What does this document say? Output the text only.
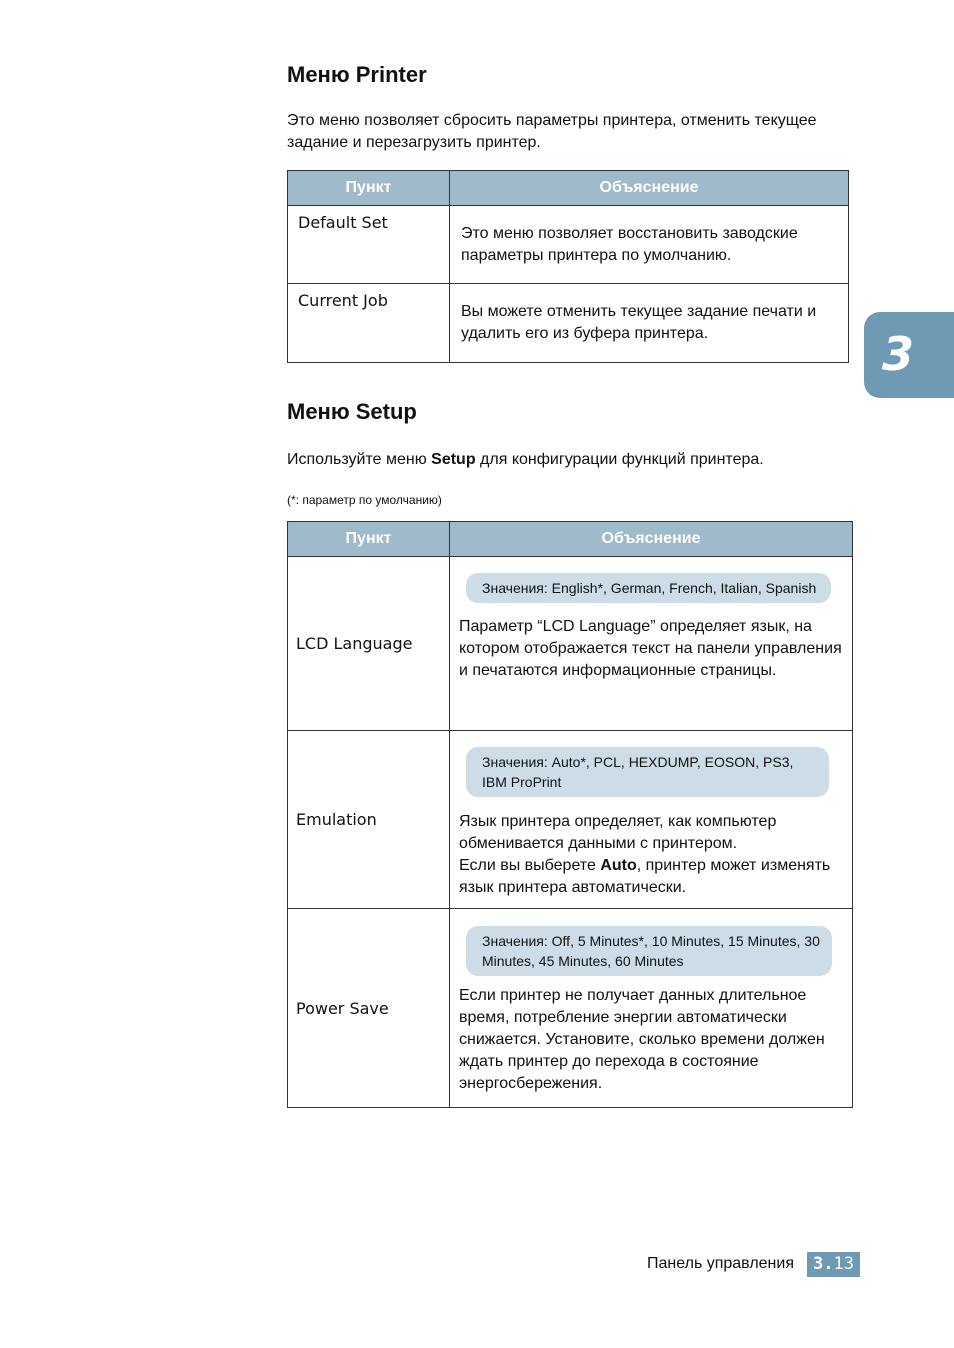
3
Меню Printer
Это меню позволяет сбросить параметры принтера, отменить текущее задание и перезагрузить принтер.
Пункт	Объяснение
Default Set	Это меню позволяет восстановить заводские параметры принтера по умолчанию.
Current Job	Вы можете отменить текущее задание печати и удалить его из буфера принтера.
Меню Setup
Используйте меню Setup для конфигурации функций принтера.
(*: параметр по умолчанию)
Пункт	Объяснение
LCD Language	Значения: English*, German, French, Italian, Spanish
Параметр “LCD Language” определяет язык, на котором отображается текст на панели управления и печатаются информационные страницы.

Emulation	Значения: Auto*, PCL, HEXDUMP, EOSON, PS3, IBM ProPrint
Язык принтера определяет, как компьютер обменивается данными с принтером.
Если вы выберете Auto, принтер может изменять язык принтера автоматически.

Power Save	Значения: Off, 5 Minutes*, 10 Minutes, 15 Minutes, 30 Minutes, 45 Minutes, 60 Minutes
Если принтер не получает данных длительное время, потребление энергии автоматически снижается. Установите, сколько времени должен ждать принтер до перехода в состояние энергосбережения.
Панель управления	3.13
